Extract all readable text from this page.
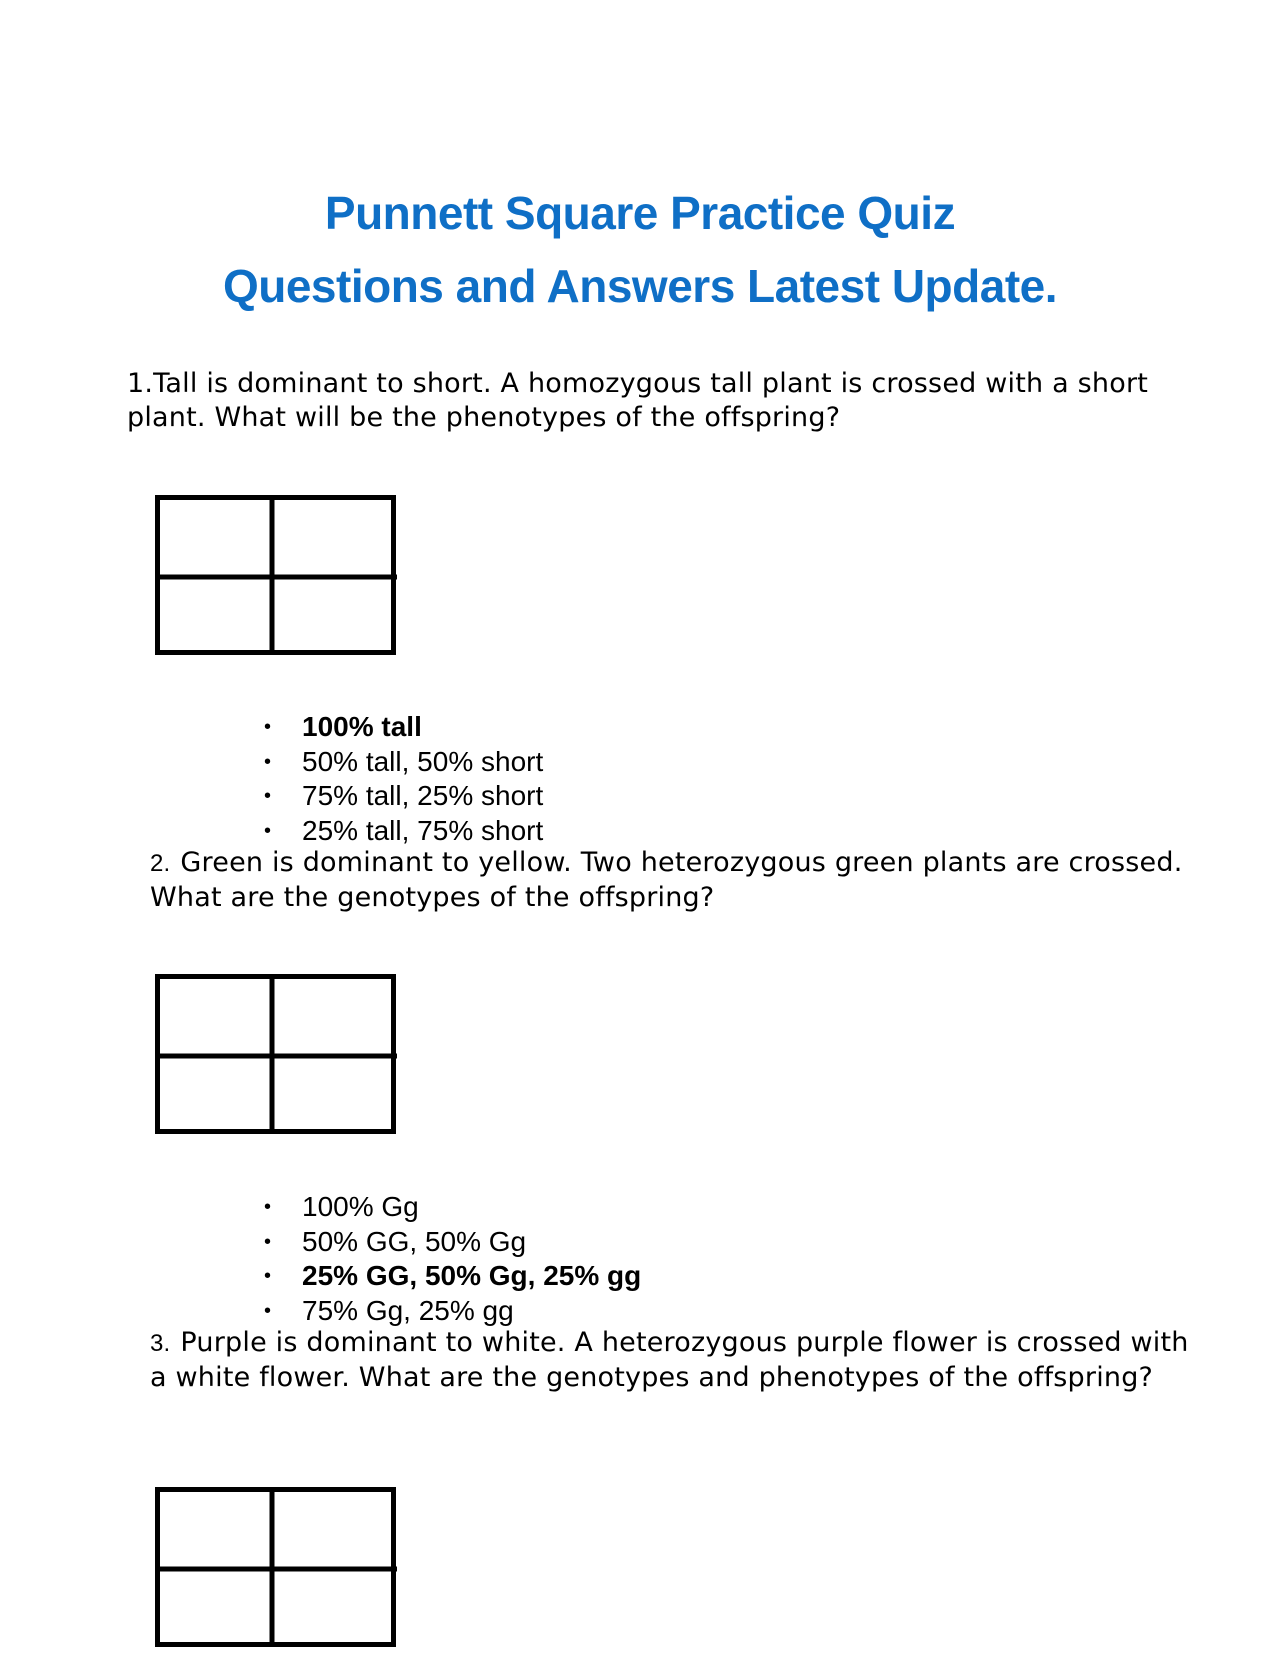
Punnett Square Practice Quiz
Questions and Answers Latest Update.

1.Tall is dominant to short. A homozygous tall plant is crossed with a short plant. What will be the phenotypes of the offspring?

• 100% tall
• 50% tall, 50% short
• 75% tall, 25% short
• 25% tall, 75% short

2. Green is dominant to yellow. Two heterozygous green plants are crossed. What are the genotypes of the offspring?

• 100% Gg
• 50% GG, 50% Gg
• 25% GG, 50% Gg, 25% gg
• 75% Gg, 25% gg

3. Purple is dominant to white. A heterozygous purple flower is crossed with a white flower. What are the genotypes and phenotypes of the offspring?
